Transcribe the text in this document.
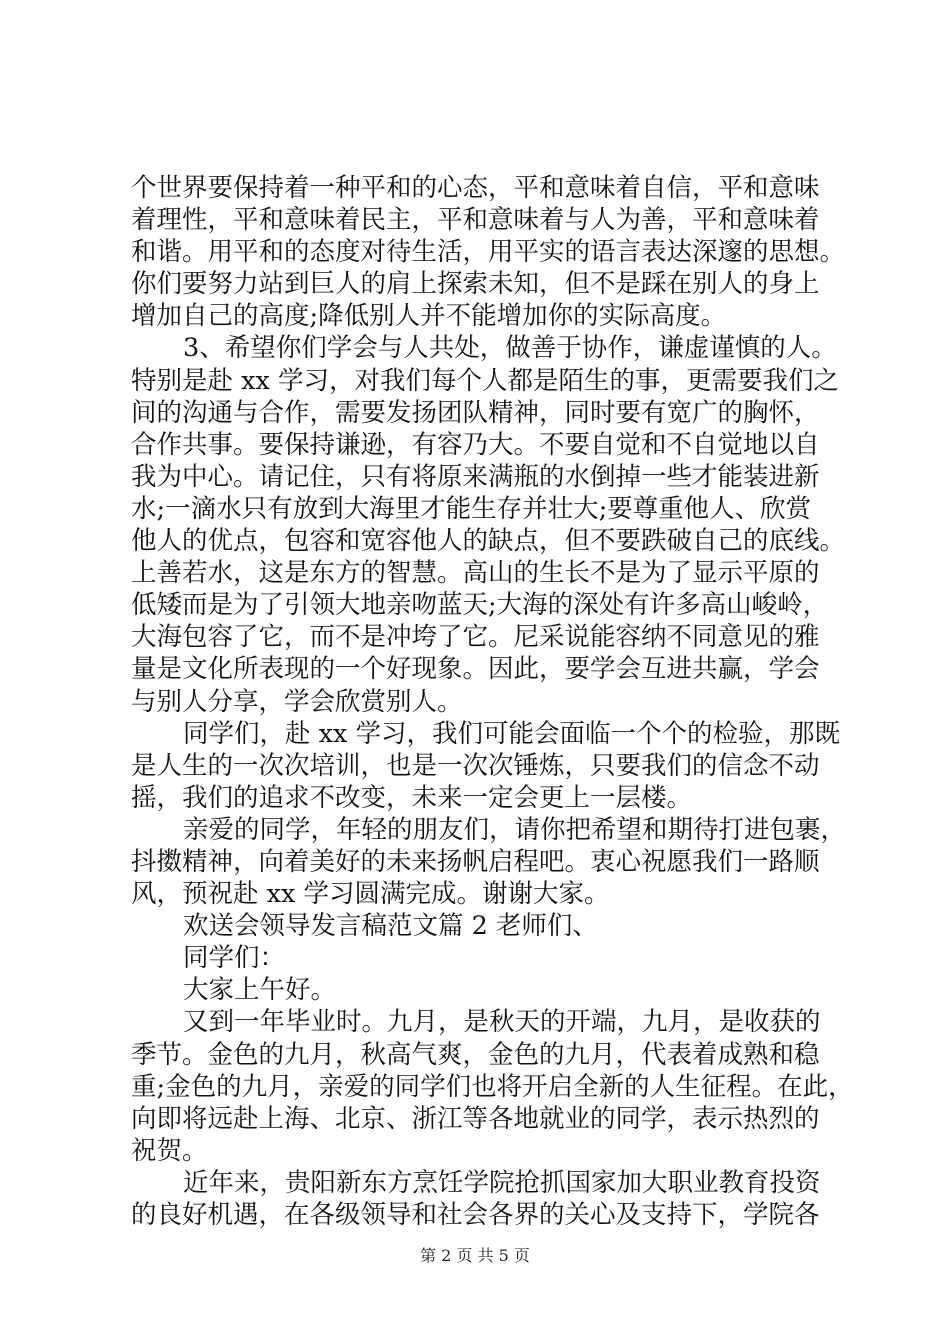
个世界要保持着一种平和的心态，平和意味着自信，平和意味
着理性，平和意味着民主，平和意味着与人为善，平和意味着
和谐。用平和的态度对待生活，用平实的语言表达深邃的思想。
你们要努力站到巨人的肩上探索未知，但不是踩在别人的身上
增加自己的高度;降低别人并不能增加你的实际高度。
3、希望你们学会与人共处，做善于协作，谦虚谨慎的人。
特别是赴 xx 学习，对我们每个人都是陌生的事，更需要我们之
间的沟通与合作，需要发扬团队精神，同时要有宽广的胸怀，
合作共事。要保持谦逊，有容乃大。不要自觉和不自觉地以自
我为中心。请记住，只有将原来满瓶的水倒掉一些才能装进新
水;一滴水只有放到大海里才能生存并壮大;要尊重他人、欣赏
他人的优点，包容和宽容他人的缺点，但不要跌破自己的底线。
上善若水，这是东方的智慧。高山的生长不是为了显示平原的
低矮而是为了引领大地亲吻蓝天;大海的深处有许多高山峻岭，
大海包容了它，而不是冲垮了它。尼采说能容纳不同意见的雅
量是文化所表现的一个好现象。因此，要学会互进共赢，学会
与别人分享，学会欣赏别人。
同学们，赴 xx 学习，我们可能会面临一个个的检验，那既
是人生的一次次培训，也是一次次锤炼，只要我们的信念不动
摇，我们的追求不改变，未来一定会更上一层楼。
亲爱的同学，年轻的朋友们，请你把希望和期待打进包裹，
抖擞精神，向着美好的未来扬帆启程吧。衷心祝愿我们一路顺
风，预祝赴 xx 学习圆满完成。谢谢大家。
欢送会领导发言稿范文篇 2 老师们、
同学们：
大家上午好。
又到一年毕业时。九月，是秋天的开端，九月，是收获的
季节。金色的九月，秋高气爽，金色的九月，代表着成熟和稳
重;金色的九月，亲爱的同学们也将开启全新的人生征程。在此，
向即将远赴上海、北京、浙江等各地就业的同学，表示热烈的
祝贺。
近年来，贵阳新东方烹饪学院抢抓国家加大职业教育投资
的良好机遇，在各级领导和社会各界的关心及支持下，学院各
第 2 页 共 5 页
